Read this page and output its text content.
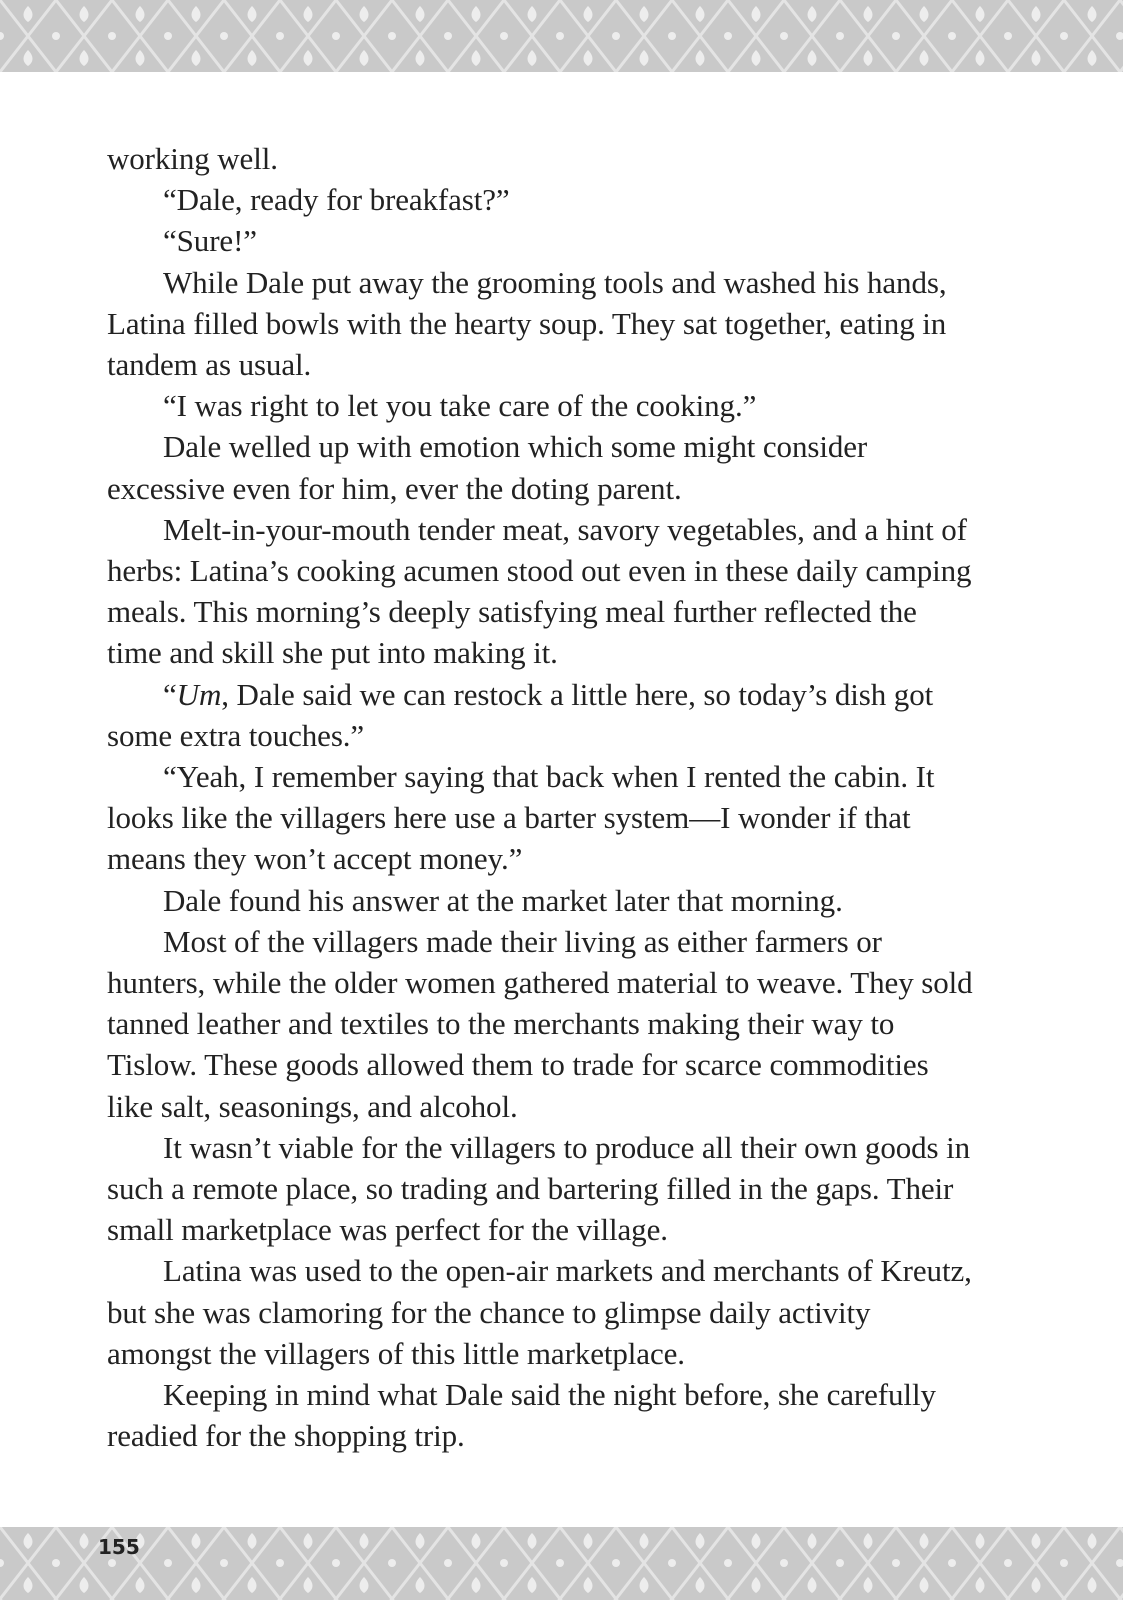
working well.

“Dale, ready for breakfast?”

“Sure!”

While Dale put away the grooming tools and washed his hands, Latina filled bowls with the hearty soup. They sat together, eating in tandem as usual.

“I was right to let you take care of the cooking.”

Dale welled up with emotion which some might consider excessive even for him, ever the doting parent.

Melt-in-your-mouth tender meat, savory vegetables, and a hint of herbs: Latina’s cooking acumen stood out even in these daily camping meals. This morning’s deeply satisfying meal further reflected the time and skill she put into making it.

“Um, Dale said we can restock a little here, so today’s dish got some extra touches.”

“Yeah, I remember saying that back when I rented the cabin. It looks like the villagers here use a barter system—I wonder if that means they won’t accept money.”

Dale found his answer at the market later that morning.

Most of the villagers made their living as either farmers or hunters, while the older women gathered material to weave. They sold tanned leather and textiles to the merchants making their way to Tislow. These goods allowed them to trade for scarce commodities like salt, seasonings, and alcohol.

It wasn’t viable for the villagers to produce all their own goods in such a remote place, so trading and bartering filled in the gaps. Their small marketplace was perfect for the village.

Latina was used to the open-air markets and merchants of Kreutz, but she was clamoring for the chance to glimpse daily activity amongst the villagers of this little marketplace.

Keeping in mind what Dale said the night before, she carefully readied for the shopping trip.

155
